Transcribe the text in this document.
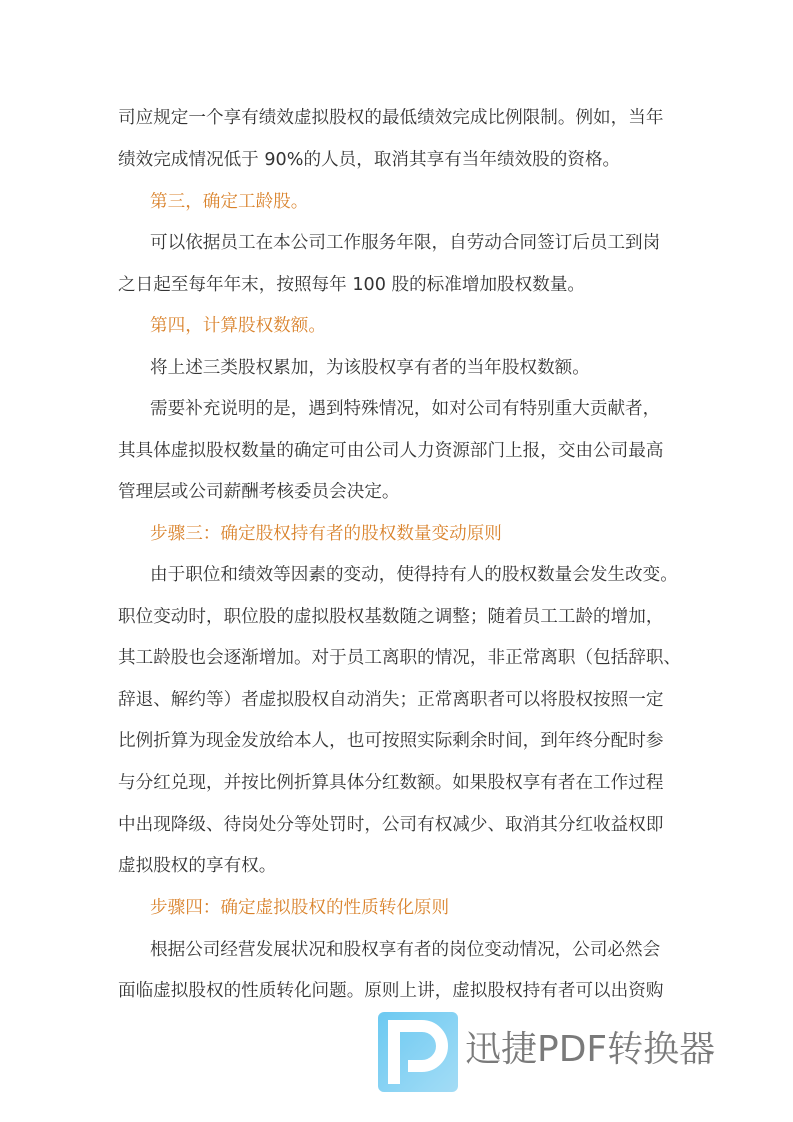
司应规定一个享有绩效虚拟股权的最低绩效完成比例限制。例如，当年

绩效完成情况低于 90%的人员，取消其享有当年绩效股的资格。

第三，确定工龄股。

可以依据员工在本公司工作服务年限，自劳动合同签订后员工到岗

之日起至每年年末，按照每年 100 股的标准增加股权数量。

第四，计算股权数额。

将上述三类股权累加，为该股权享有者的当年股权数额。

需要补充说明的是，遇到特殊情况，如对公司有特别重大贡献者，

其具体虚拟股权数量的确定可由公司人力资源部门上报，交由公司最高

管理层或公司薪酬考核委员会决定。

步骤三：确定股权持有者的股权数量变动原则

由于职位和绩效等因素的变动，使得持有人的股权数量会发生改变。

职位变动时，职位股的虚拟股权基数随之调整；随着员工工龄的增加，

其工龄股也会逐渐增加。对于员工离职的情况，非正常离职（包括辞职、

辞退、解约等）者虚拟股权自动消失；正常离职者可以将股权按照一定

比例折算为现金发放给本人，也可按照实际剩余时间，到年终分配时参

与分红兑现，并按比例折算具体分红数额。如果股权享有者在工作过程

中出现降级、待岗处分等处罚时，公司有权减少、取消其分红收益权即

虚拟股权的享有权。

步骤四：确定虚拟股权的性质转化原则

根据公司经营发展状况和股权享有者的岗位变动情况，公司必然会

面临虚拟股权的性质转化问题。原则上讲，虚拟股权持有者可以出资购

迅捷PDF转换器
